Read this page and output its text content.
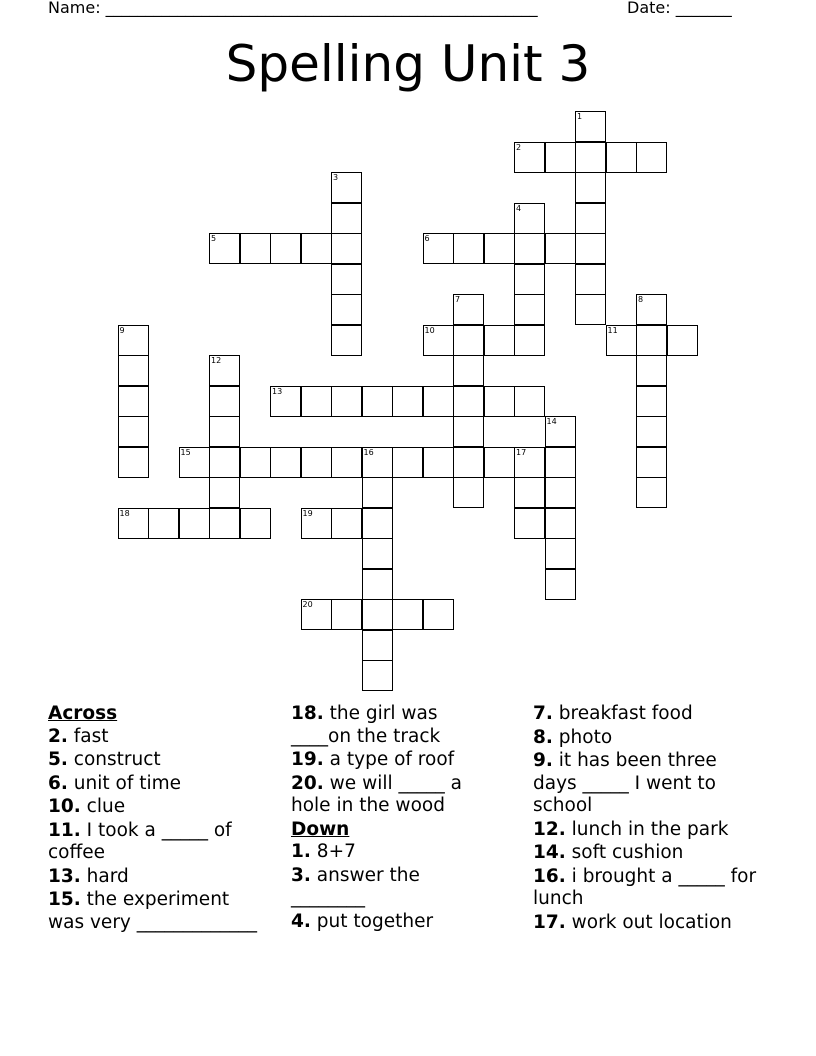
Name: ______________________________________________________	Date: _______
Spelling Unit 3
1
2
3
4
5	6
7	8
9	10	11
12
13
14
15	16	17
18	19
20
Across
2. fast
5. construct
6. unit of time
10. clue
11. I took a _____ of coffee
13. hard
15. the experiment was very _____________
18. the girl was ____on the track
19. a type of roof
20. we will _____ a hole in the wood
Down
1. 8+7
3. answer the ________
4. put together
7. breakfast food
8. photo
9. it has been three days _____ I went to school
12. lunch in the park
14. soft cushion
16. i brought a _____ for lunch
17. work out location
